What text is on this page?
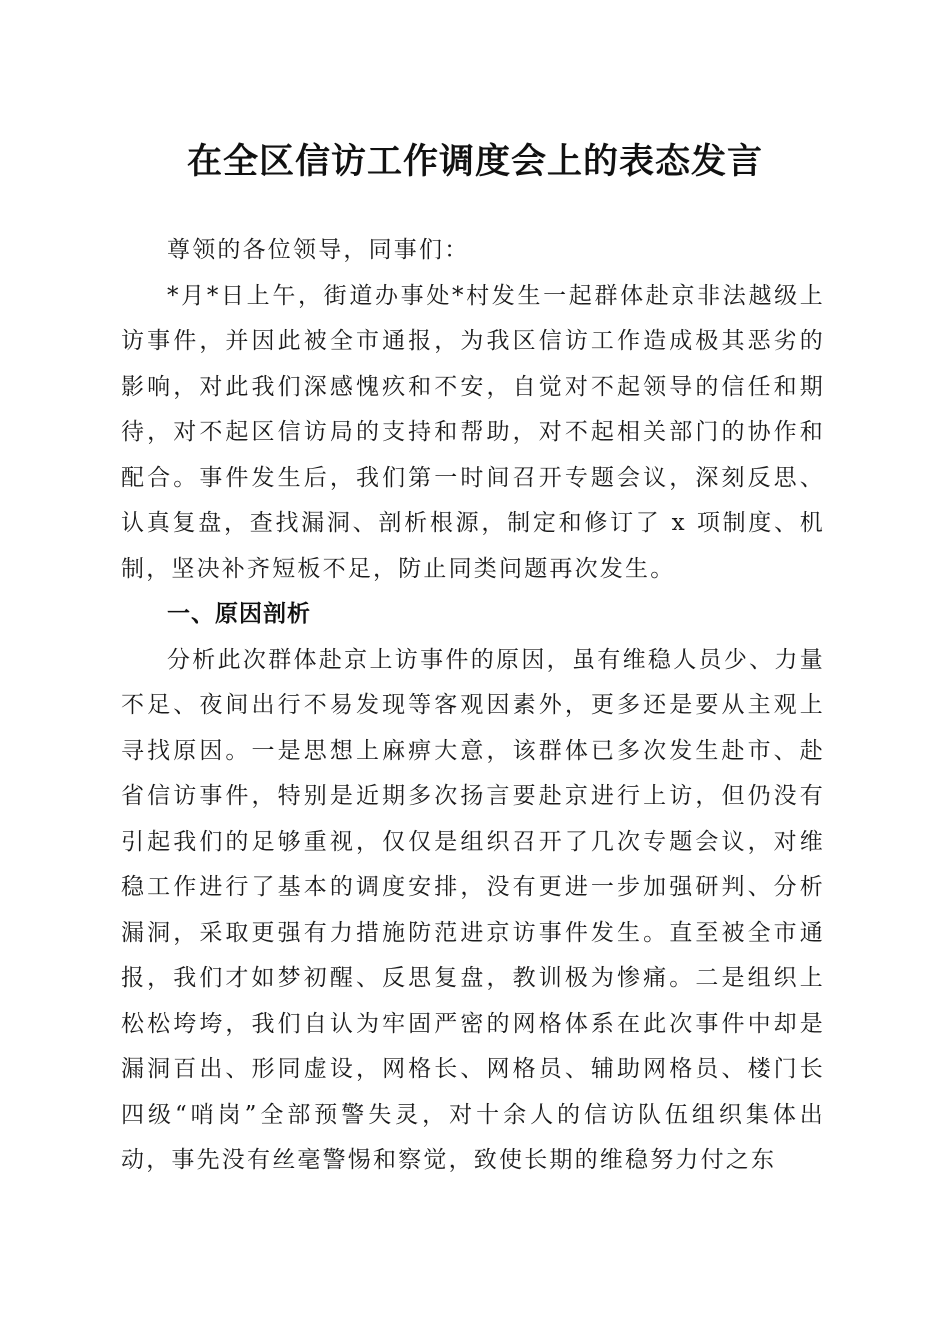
在全区信访工作调度会上的表态发言

尊领的各位领导，同事们：

*月*日上午，街道办事处*村发生一起群体赴京非法越级上访事件，并因此被全市通报，为我区信访工作造成极其恶劣的影响，对此我们深感愧疚和不安，自觉对不起领导的信任和期待，对不起区信访局的支持和帮助，对不起相关部门的协作和配合。事件发生后，我们第一时间召开专题会议，深刻反思、认真复盘，查找漏洞、剖析根源，制定和修订了 x 项制度、机制，坚决补齐短板不足，防止同类问题再次发生。

一、原因剖析

分析此次群体赴京上访事件的原因，虽有维稳人员少、力量不足、夜间出行不易发现等客观因素外，更多还是要从主观上寻找原因。一是思想上麻痹大意，该群体已多次发生赴市、赴省信访事件，特别是近期多次扬言要赴京进行上访，但仍没有引起我们的足够重视，仅仅是组织召开了几次专题会议，对维稳工作进行了基本的调度安排，没有更进一步加强研判、分析漏洞，采取更强有力措施防范进京访事件发生。直至被全市通报，我们才如梦初醒、反思复盘，教训极为惨痛。二是组织上松松垮垮，我们自认为牢固严密的网格体系在此次事件中却是漏洞百出、形同虚设，网格长、网格员、辅助网格员、楼门长四级“哨岗”全部预警失灵，对十余人的信访队伍组织集体出动，事先没有丝毫警惕和察觉，致使长期的维稳努力付之东
